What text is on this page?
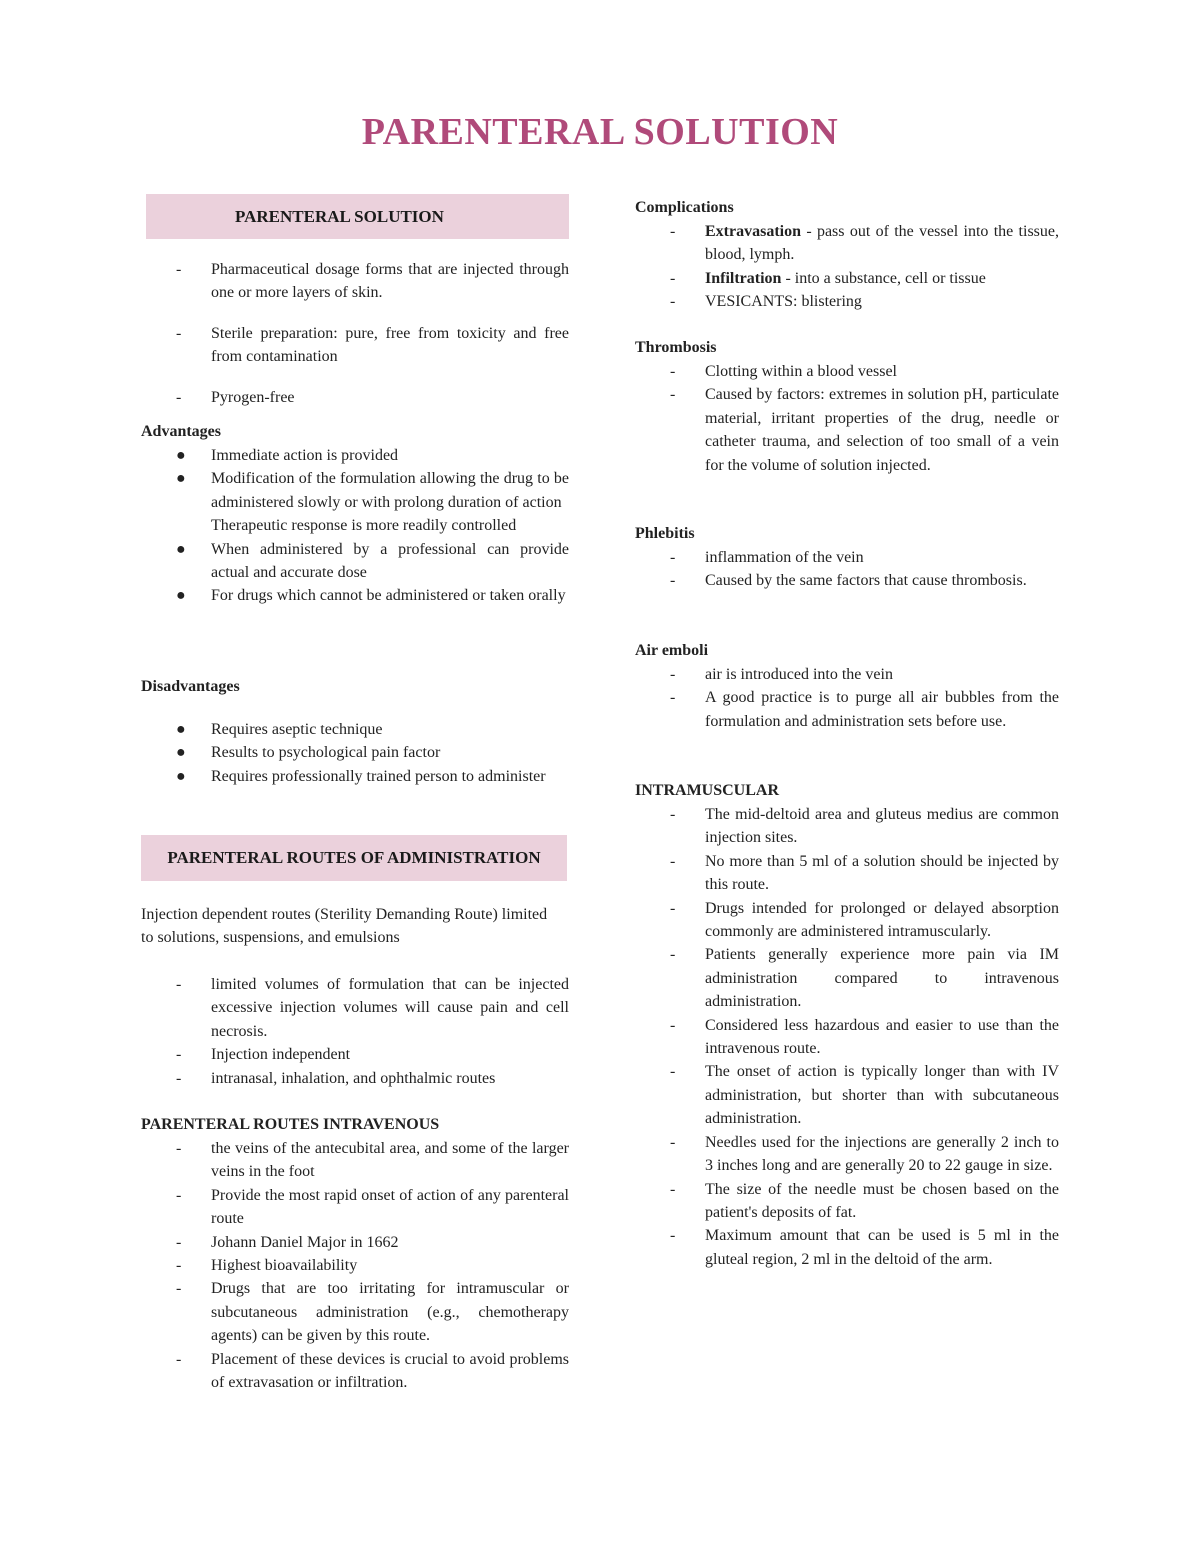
PARENTERAL SOLUTION
PARENTERAL SOLUTION
- Pharmaceutical dosage forms that are injected through one or more layers of skin.
- Sterile preparation: pure, free from toxicity and free from contamination
- Pyrogen-free

Advantages

● Immediate action is provided
● Modification of the formulation allowing the drug to be administered slowly or with prolong duration of action
Therapeutic response is more readily controlled
● When administered by a professional can provide actual and accurate dose
● For drugs which cannot be administered or taken orally

Disadvantages

● Requires aseptic technique
● Results to psychological pain factor
● Requires professionally trained person to administer
PARENTERAL ROUTES OF ADMINISTRATION

Injection dependent routes (Sterility Demanding Route) limited to solutions, suspensions, and emulsions

- limited volumes of formulation that can be injected excessive injection volumes will cause pain and cell necrosis.
- Injection independent
- intranasal, inhalation, and ophthalmic routes

PARENTERAL ROUTES INTRAVENOUS

- the veins of the antecubital area, and some of the larger veins in the foot
- Provide the most rapid onset of action of any parenteral route
- Johann Daniel Major in 1662
- Highest bioavailability
- Drugs that are too irritating for intramuscular or subcutaneous administration (e.g., chemotherapy agents) can be given by this route.
- Placement of these devices is crucial to avoid problems of extravasation or infiltration.

Complications

- Extravasation - pass out of the vessel into the tissue, blood, lymph.
- Infiltration - into a substance, cell or tissue
- VESICANTS: blistering

Thrombosis

- Clotting within a blood vessel
- Caused by factors: extremes in solution pH, particulate material, irritant properties of the drug, needle or catheter trauma, and selection of too small of a vein for the volume of solution injected.

Phlebitis

- inflammation of the vein
- Caused by the same factors that cause thrombosis.

Air emboli

- air is introduced into the vein
- A good practice is to purge all air bubbles from the formulation and administration sets before use.

INTRAMUSCULAR

- The mid-deltoid area and gluteus medius are common injection sites.
- No more than 5 ml of a solution should be injected by this route.
- Drugs intended for prolonged or delayed absorption commonly are administered intramuscularly.
- Patients generally experience more pain via IM administration compared to intravenous administration.
- Considered less hazardous and easier to use than the intravenous route.
- The onset of action is typically longer than with IV administration, but shorter than with subcutaneous administration.
- Needles used for the injections are generally 2 inch to 3 inches long and are generally 20 to 22 gauge in size.
- The size of the needle must be chosen based on the patient's deposits of fat.
- Maximum amount that can be used is 5 ml in the gluteal region, 2 ml in the deltoid of the arm.
